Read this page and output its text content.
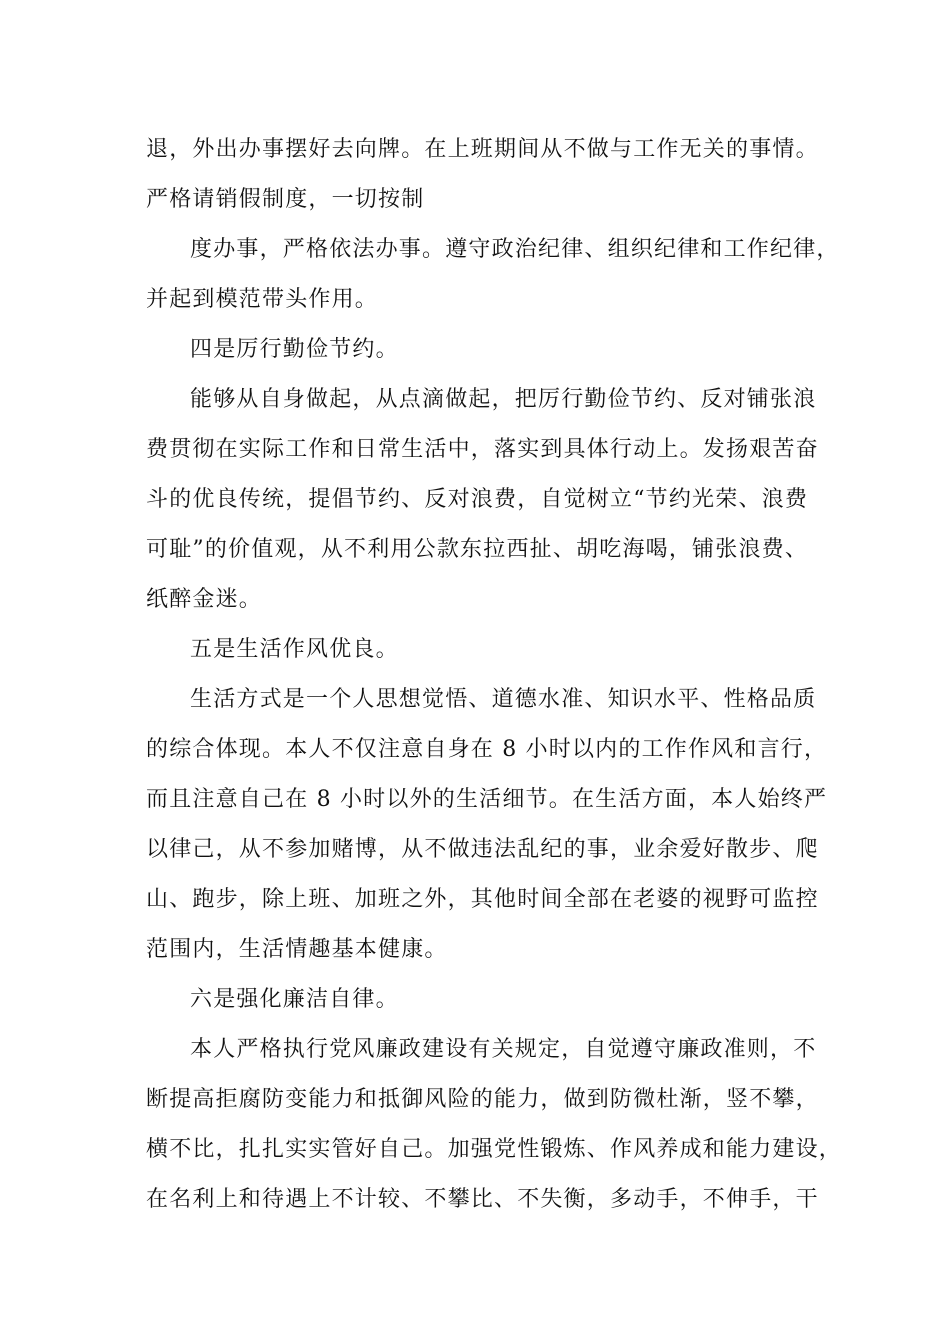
退，外出办事摆好去向牌。在上班期间从不做与工作无关的事情。
严格请销假制度，一切按制
度办事，严格依法办事。遵守政治纪律、组织纪律和工作纪律，
并起到模范带头作用。
四是厉行勤俭节约。
能够从自身做起，从点滴做起，把厉行勤俭节约、反对铺张浪
费贯彻在实际工作和日常生活中，落实到具体行动上。发扬艰苦奋
斗的优良传统，提倡节约、反对浪费，自觉树立“节约光荣、浪费
可耻”的价值观，从不利用公款东拉西扯、胡吃海喝，铺张浪费、
纸醉金迷。
五是生活作风优良。
生活方式是一个人思想觉悟、道德水准、知识水平、性格品质
的综合体现。本人不仅注意自身在 8 小时以内的工作作风和言行，
而且注意自己在 8 小时以外的生活细节。在生活方面，本人始终严
以律己，从不参加赌博，从不做违法乱纪的事，业余爱好散步、爬
山、跑步，除上班、加班之外，其他时间全部在老婆的视野可监控
范围内，生活情趣基本健康。
六是强化廉洁自律。
本人严格执行党风廉政建设有关规定，自觉遵守廉政准则，不
断提高拒腐防变能力和抵御风险的能力，做到防微杜渐，竖不攀，
横不比，扎扎实实管好自己。加强党性锻炼、作风养成和能力建设，
在名利上和待遇上不计较、不攀比、不失衡，多动手，不伸手，干
